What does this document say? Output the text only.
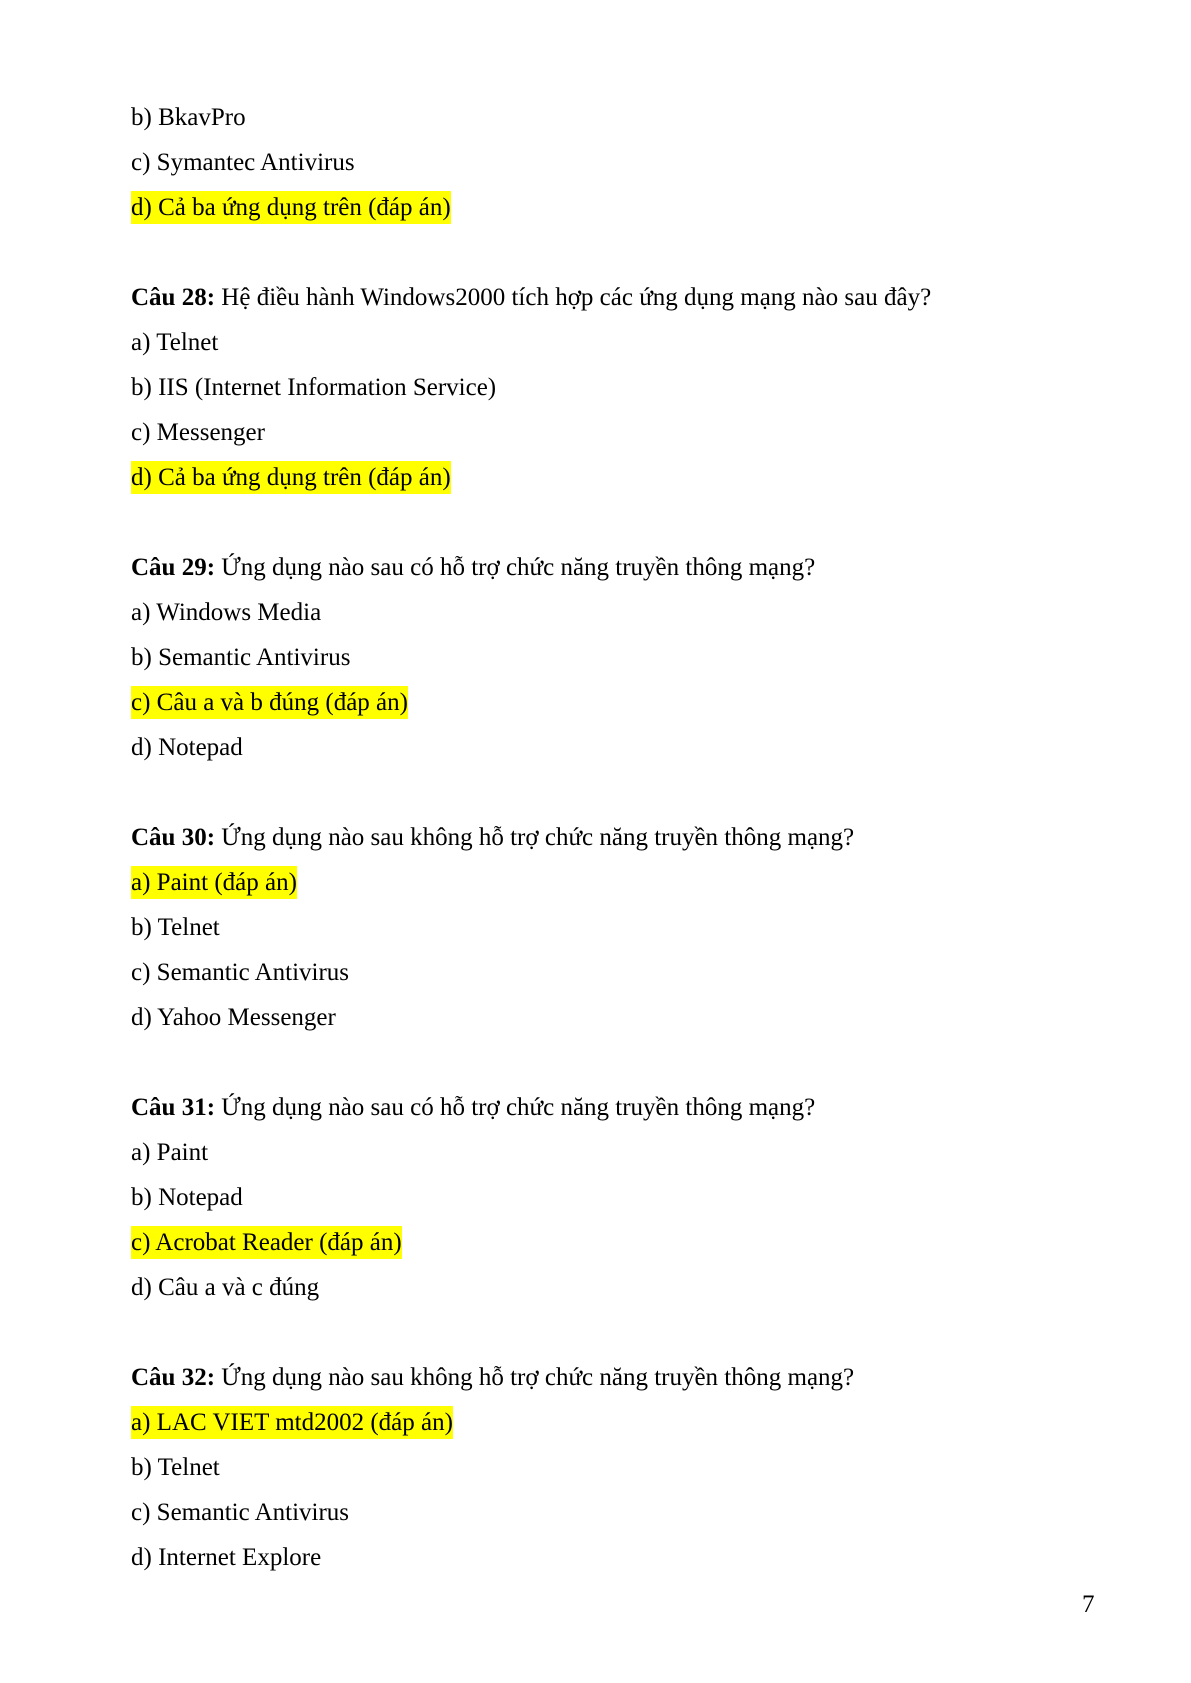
b) BkavPro
c) Symantec Antivirus
d) Cả ba ứng dụng trên (đáp án)
Câu 28: Hệ điều hành Windows2000 tích hợp các ứng dụng mạng nào sau đây?
a) Telnet
b) IIS (Internet Information Service)
c) Messenger
d) Cả ba ứng dụng trên (đáp án)
Câu 29: Ứng dụng nào sau có hỗ trợ chức năng truyền thông mạng?
a) Windows Media
b) Semantic Antivirus
c) Câu a và b đúng (đáp án)
d) Notepad
Câu 30: Ứng dụng nào sau không hỗ trợ chức năng truyền thông mạng?
a) Paint (đáp án)
b) Telnet
c) Semantic Antivirus
d) Yahoo Messenger
Câu 31: Ứng dụng nào sau có hỗ trợ chức năng truyền thông mạng?
a) Paint
b) Notepad
c) Acrobat Reader (đáp án)
d) Câu a và c đúng
Câu 32: Ứng dụng nào sau không hỗ trợ chức năng truyền thông mạng?
a) LAC VIET mtd2002 (đáp án)
b) Telnet
c) Semantic Antivirus
d) Internet Explore
7
